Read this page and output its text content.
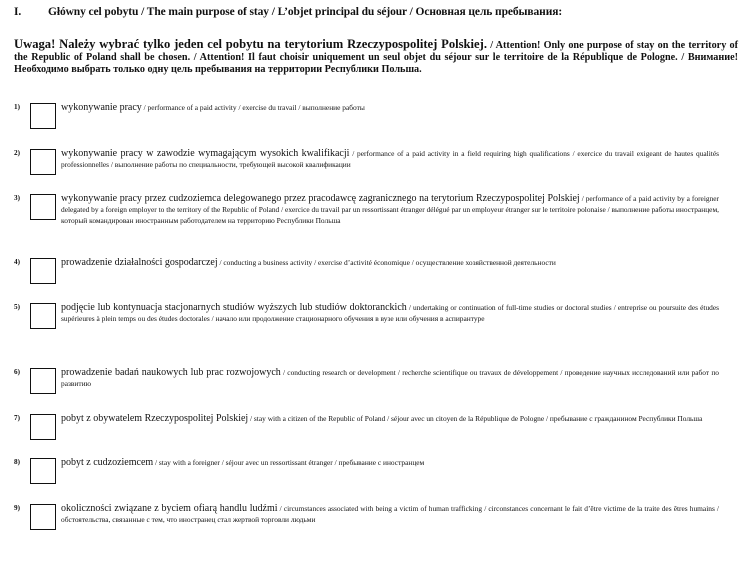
I. Główny cel pobytu / The main purpose of stay / L’objet principal du séjour / Основная цель пребывания:
Uwaga! Należy wybrać tylko jeden cel pobytu na terytorium Rzeczypospolitej Polskiej. / Attention! Only one purpose of stay on the territory of the Republic of Poland shall be chosen. / Attention! Il faut choisir uniquement un seul objet du séjour sur le territoire de la République de Pologne. / Внимание! Необходимо выбрать только одну цель пребывания на территории Республики Польша.
1)	wykonywanie pracy / performance of a paid activity / exercise du travail / выполнение работы
2)	wykonywanie pracy w zawodzie wymagającym wysokich kwalifikacji / performance of a paid activity in a field requiring high qualifications / exercice du travail exigeant de hautes qualités professionnelles / выполнение работы по специальности, требующей высокой квалификации
3)	wykonywanie pracy przez cudzoziemca delegowanego przez pracodawcę zagranicznego na terytorium Rzeczypospolitej Polskiej / performance of a paid activity by a foreigner delegated by a foreign employer to the territory of the Republic of Poland / exercice du travail par un ressortissant étranger délégué par un employeur étranger sur le territoire polonaise / выполнение работы иностранцем, который командирован иностранным работодателем на территорию Республики Польша
4)	prowadzenie działalności gospodarczej / conducting a business activity / exercise d’activité économique / осуществление хозяйственной деятельности
5)	podjęcie lub kontynuacja stacjonarnych studiów wyższych lub studiów doktoranckich / undertaking or continuation of full-time studies or doctoral studies / entreprise ou poursuite des études supérieures à plein temps ou des études doctorales / начало или продолжение стационарного обучения в вузе или обучения в аспирантуре
6)	prowadzenie badań naukowych lub prac rozwojowych / conducting research or development / recherche scientifique ou travaux de développement / проведение научных исследований или работ по развитию
7)	pobyt z obywatelem Rzeczypospolitej Polskiej / stay with a citizen of the Republic of Poland / séjour avec un citoyen de la République de Pologne / пребывание с гражданином Республики Польша
8)	pobyt z cudzoziemcem / stay with a foreigner / séjour avec un ressortissant étranger / пребывание с иностранцем
9)	okoliczności związane z byciem ofiarą handlu ludźmi / circumstances associated with being a victim of human trafficking / circonstances concernant le fait d’être victime de la traite des êtres humains / обстоятельства, связанные с тем, что иностранец стал жертвой торговли людьми
